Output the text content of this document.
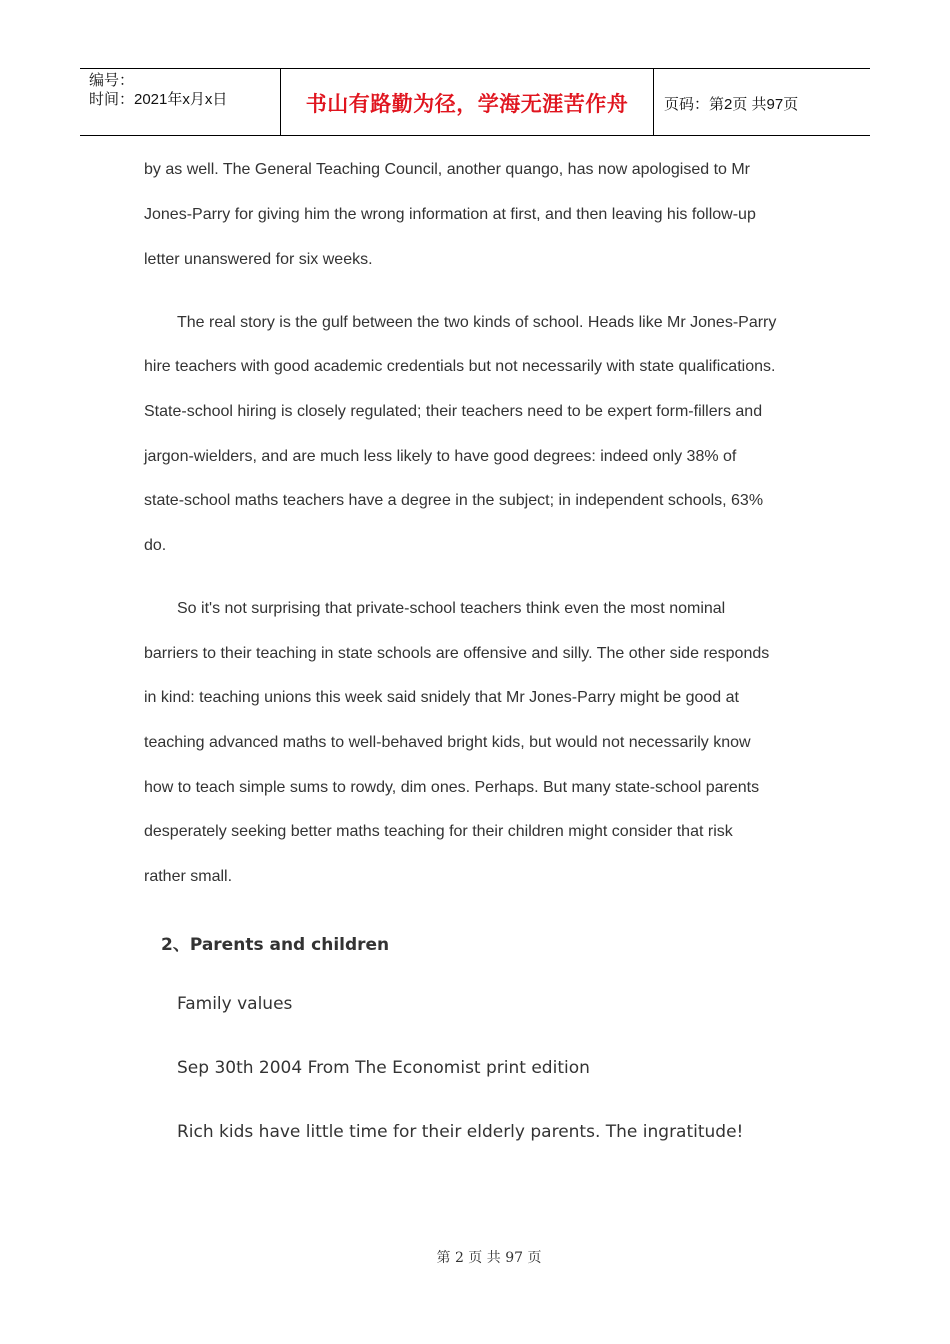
编号：
时间：2021年x月x日	书山有路勤为径，学海无涯苦作舟 页码：第2页 共97页
by as well. The General Teaching Council, another quango, has now apologised to Mr
Jones-Parry for giving him the wrong information at first, and then leaving his follow-up
letter unanswered for six weeks.
The real story is the gulf between the two kinds of school. Heads like Mr Jones-Parry
hire teachers with good academic credentials but not necessarily with state qualifications.
State-school hiring is closely regulated; their teachers need to be expert form-fillers and
jargon-wielders, and are much less likely to have good degrees: indeed only 38% of
state-school maths teachers have a degree in the subject; in independent schools, 63%
do.
So it's not surprising that private-school teachers think even the most nominal
barriers to their teaching in state schools are offensive and silly. The other side responds
in kind: teaching unions this week said snidely that Mr Jones-Parry might be good at
teaching advanced maths to well-behaved bright kids, but would not necessarily know
how to teach simple sums to rowdy, dim ones. Perhaps. But many state-school parents
desperately seeking better maths teaching for their children might consider that risk
rather small.
2、Parents and children
Family values
Sep 30th 2004 From The Economist print edition
Rich kids have little time for their elderly parents. The ingratitude!
第 2 页 共 97 页
